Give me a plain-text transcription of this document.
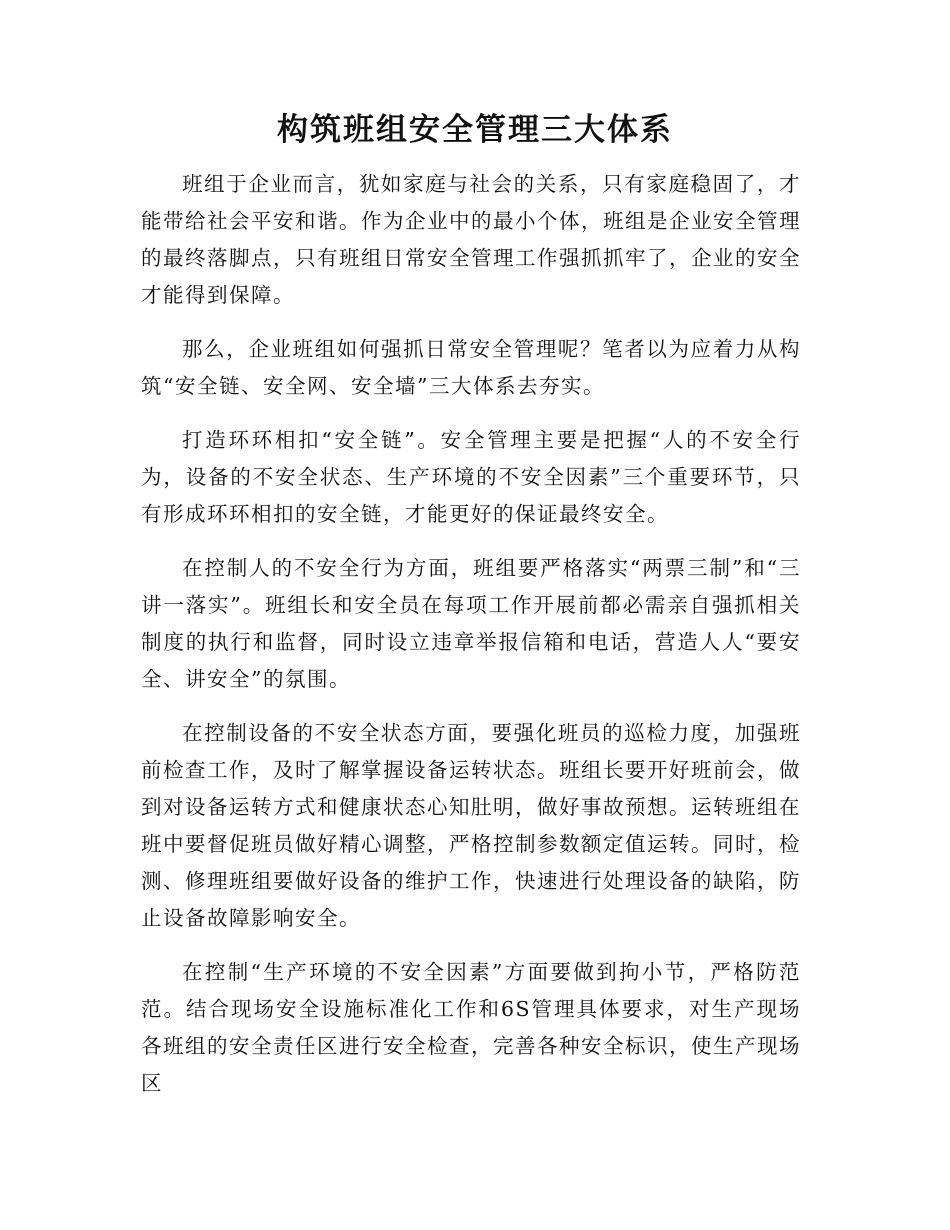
构筑班组安全管理三大体系

班组于企业而言，犹如家庭与社会的关系，只有家庭稳固了，才能带给社会平安和谐。作为企业中的最小个体，班组是企业安全管理的最终落脚点，只有班组日常安全管理工作强抓抓牢了，企业的安全才能得到保障。

那么，企业班组如何强抓日常安全管理呢？笔者以为应着力从构筑“安全链、安全网、安全墙”三大体系去夯实。

打造环环相扣“安全链”。安全管理主要是把握“人的不安全行为，设备的不安全状态、生产环境的不安全因素”三个重要环节，只有形成环环相扣的安全链，才能更好的保证最终安全。

在控制人的不安全行为方面，班组要严格落实“两票三制”和“三讲一落实”。班组长和安全员在每项工作开展前都必需亲自强抓相关制度的执行和监督，同时设立违章举报信箱和电话，营造人人“要安全、讲安全”的氛围。

在控制设备的不安全状态方面，要强化班员的巡检力度，加强班前检查工作，及时了解掌握设备运转状态。班组长要开好班前会，做到对设备运转方式和健康状态心知肚明，做好事故预想。运转班组在班中要督促班员做好精心调整，严格控制参数额定值运转。同时，检测、修理班组要做好设备的维护工作，快速进行处理设备的缺陷，防止设备故障影响安全。

在控制“生产环境的不安全因素”方面要做到拘小节，严格防范范。结合现场安全设施标准化工作和6S管理具体要求，对生产现场各班组的安全责任区进行安全检查，完善各种安全标识，使生产现场区
